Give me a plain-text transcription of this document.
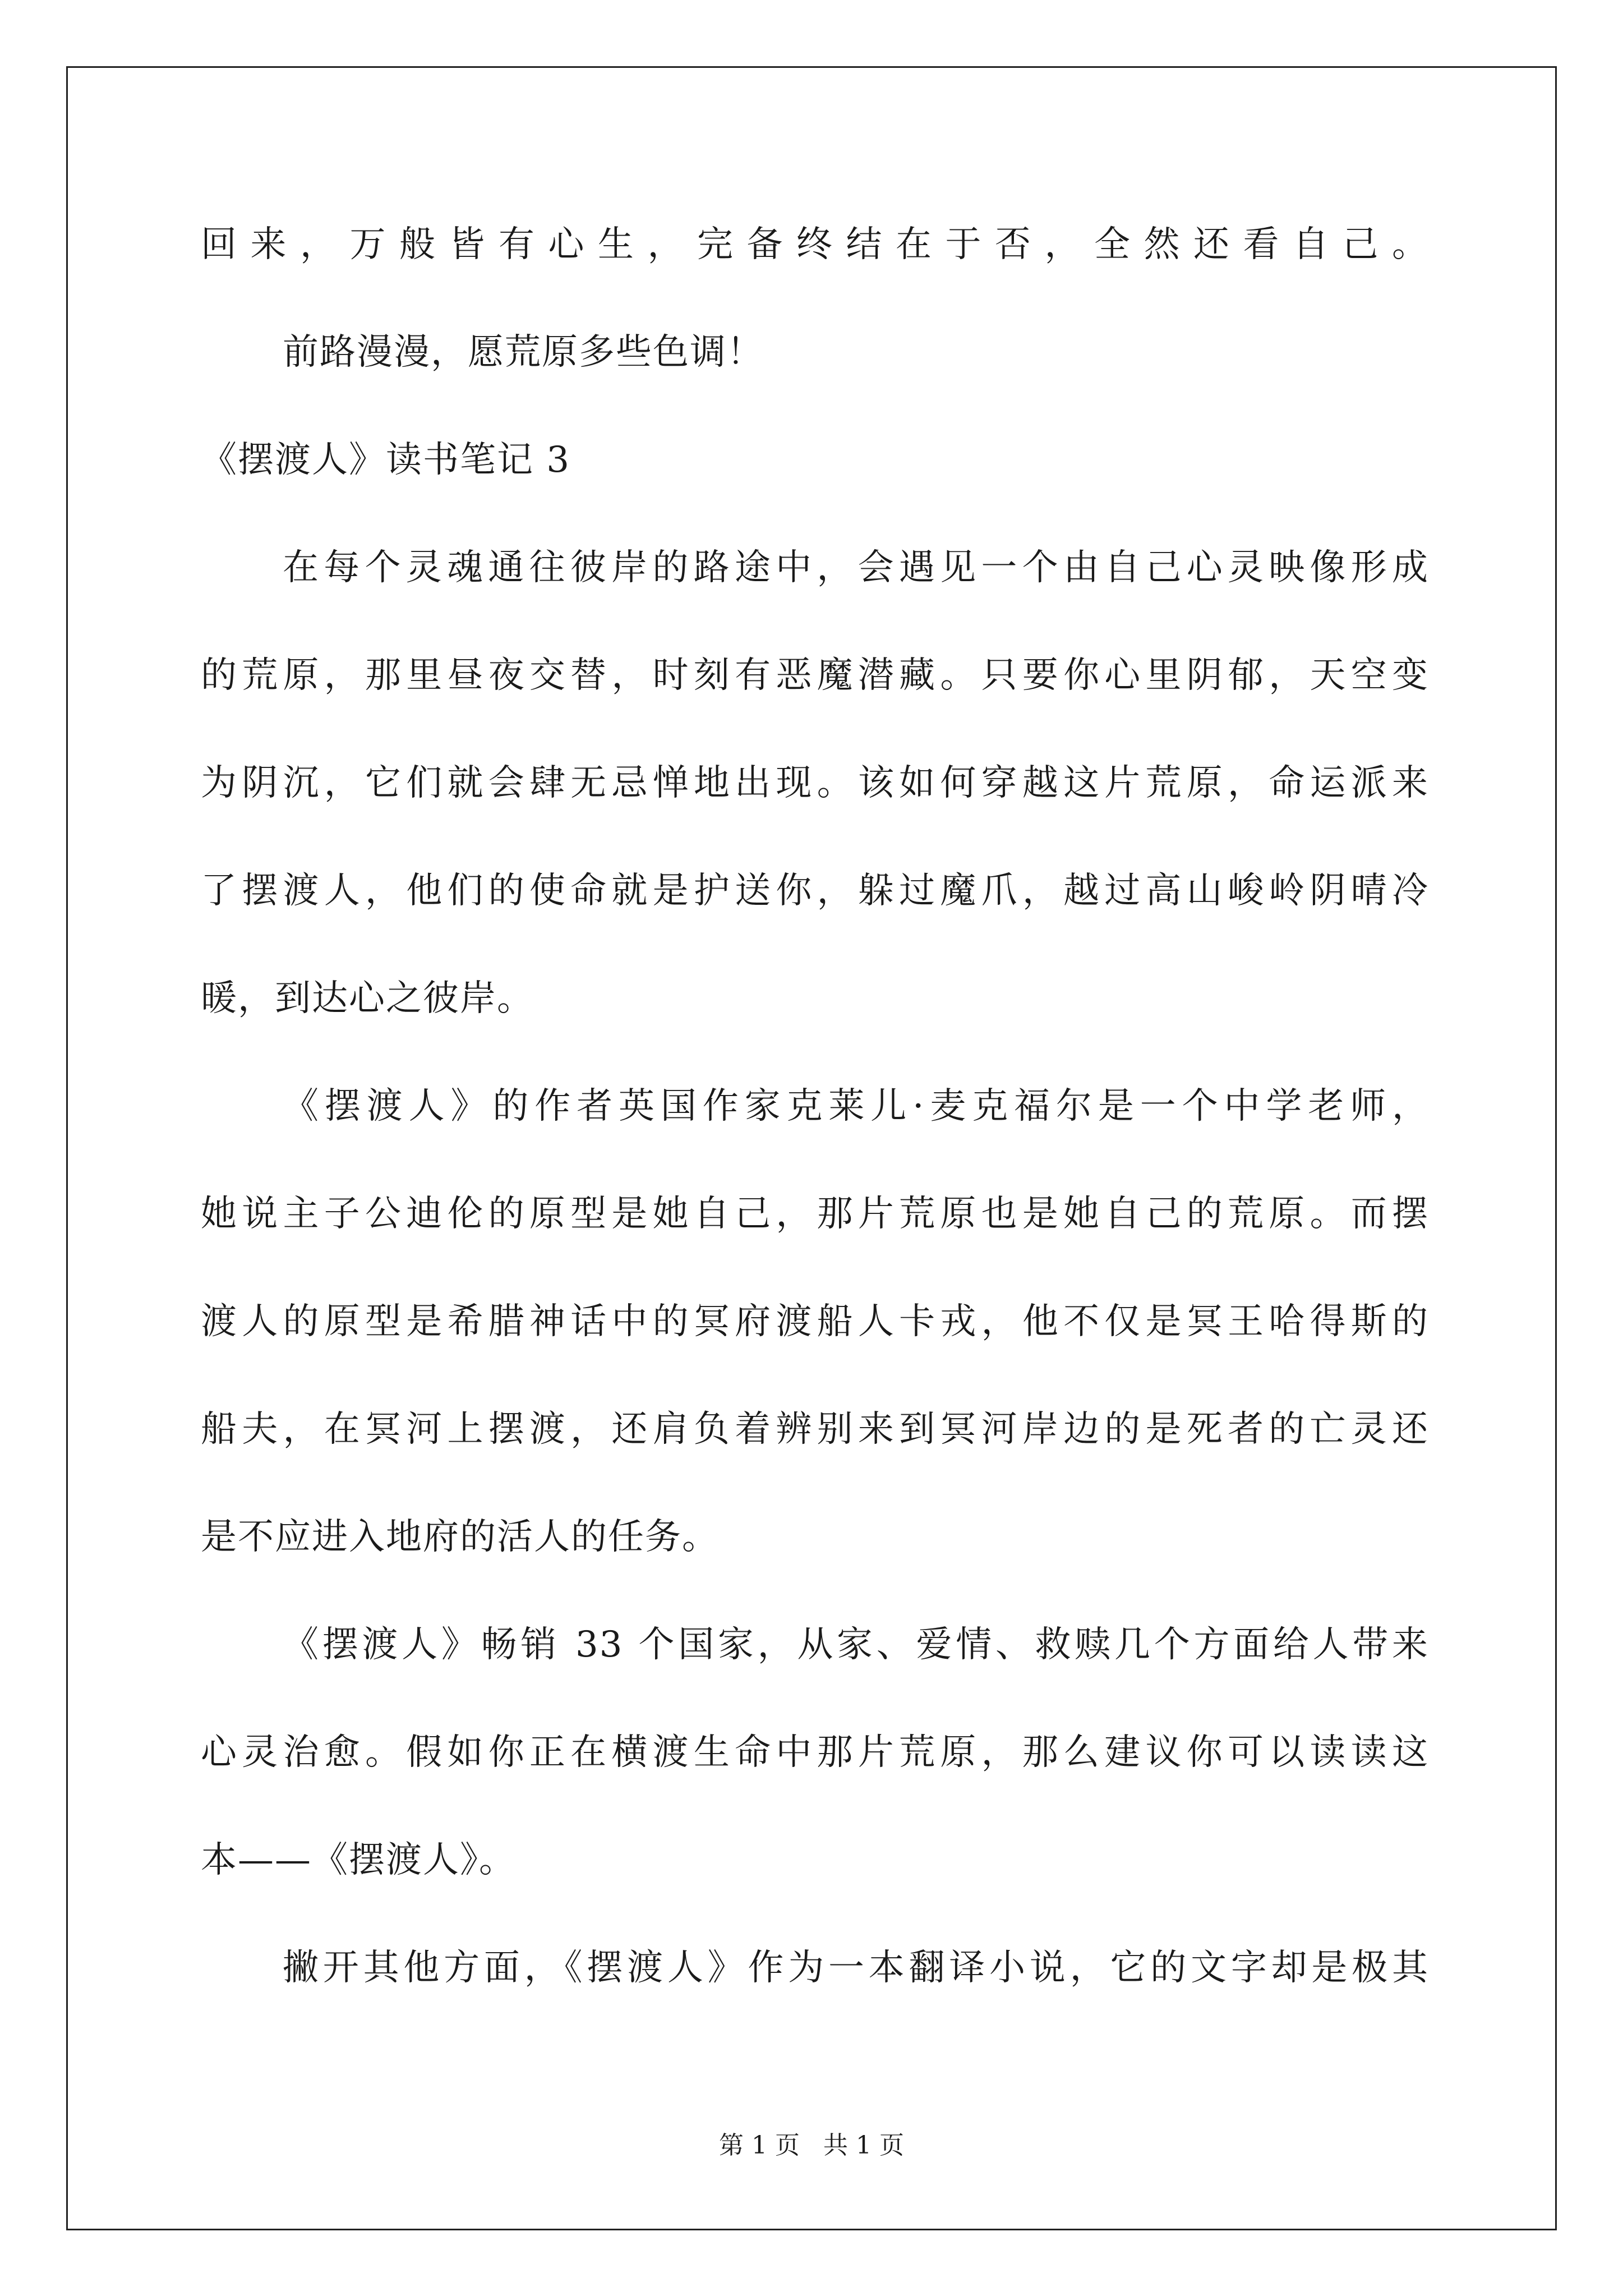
回来，万般皆有心生，完备终结在于否，全然还看自己。
前路漫漫，愿荒原多些色调！
《摆渡人》读书笔记 3
在每个灵魂通往彼岸的路途中，会遇见一个由自己心灵映像形成
的荒原，那里昼夜交替，时刻有恶魔潜藏。只要你心里阴郁，天空变
为阴沉，它们就会肆无忌惮地出现。该如何穿越这片荒原，命运派来
了摆渡人，他们的使命就是护送你，躲过魔爪，越过高山峻岭阴晴冷
暖，到达心之彼岸。
《摆渡人》的作者英国作家克莱儿·麦克福尔是一个中学老师，
她说主子公迪伦的原型是她自己，那片荒原也是她自己的荒原。而摆
渡人的原型是希腊神话中的冥府渡船人卡戎，他不仅是冥王哈得斯的
船夫，在冥河上摆渡，还肩负着辨别来到冥河岸边的是死者的亡灵还
是不应进入地府的活人的任务。
《摆渡人》畅销 33 个国家，从家、爱情、救赎几个方面给人带来
心灵治愈。假如你正在横渡生命中那片荒原，那么建议你可以读读这
本——《摆渡人》。
撇开其他方面，《摆渡人》作为一本翻译小说，它的文字却是极其
第 1 页 共 1 页
